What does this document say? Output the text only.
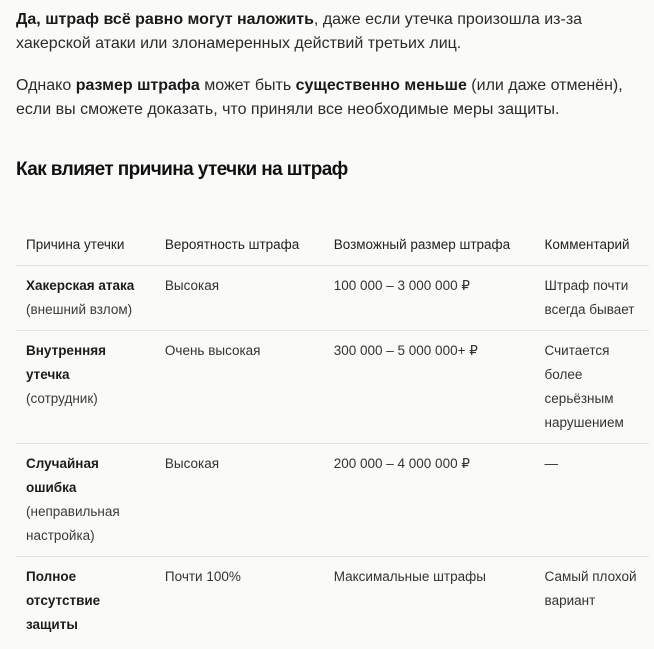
Да, штраф всё равно могут наложить, даже если утечка произошла из-за хакерской атаки или злонамеренных действий третьих лиц.

Однако размер штрафа может быть существенно меньше (или даже отменён), если вы сможете доказать, что приняли все необходимые меры защиты.

Как влияет причина утечки на штраф
Причина утечки	Вероятность штрафа	Возможный размер штрафа	Комментарий

Хакерская атака
(внешний взлом)	Высокая	100 000 – 3 000 000 ₽	Штраф почти всегда бывает

Внутренняя утечка
(сотрудник)	Очень высокая	300 000 – 5 000 000+ ₽	Считается более серьёзным нарушением

Случайная ошибка
(неправильная настройка)	Высокая	200 000 – 4 000 000 ₽	—

Полное отсутствие защиты	Почти 100%	Максимальные штрафы	Самый плохой вариант
